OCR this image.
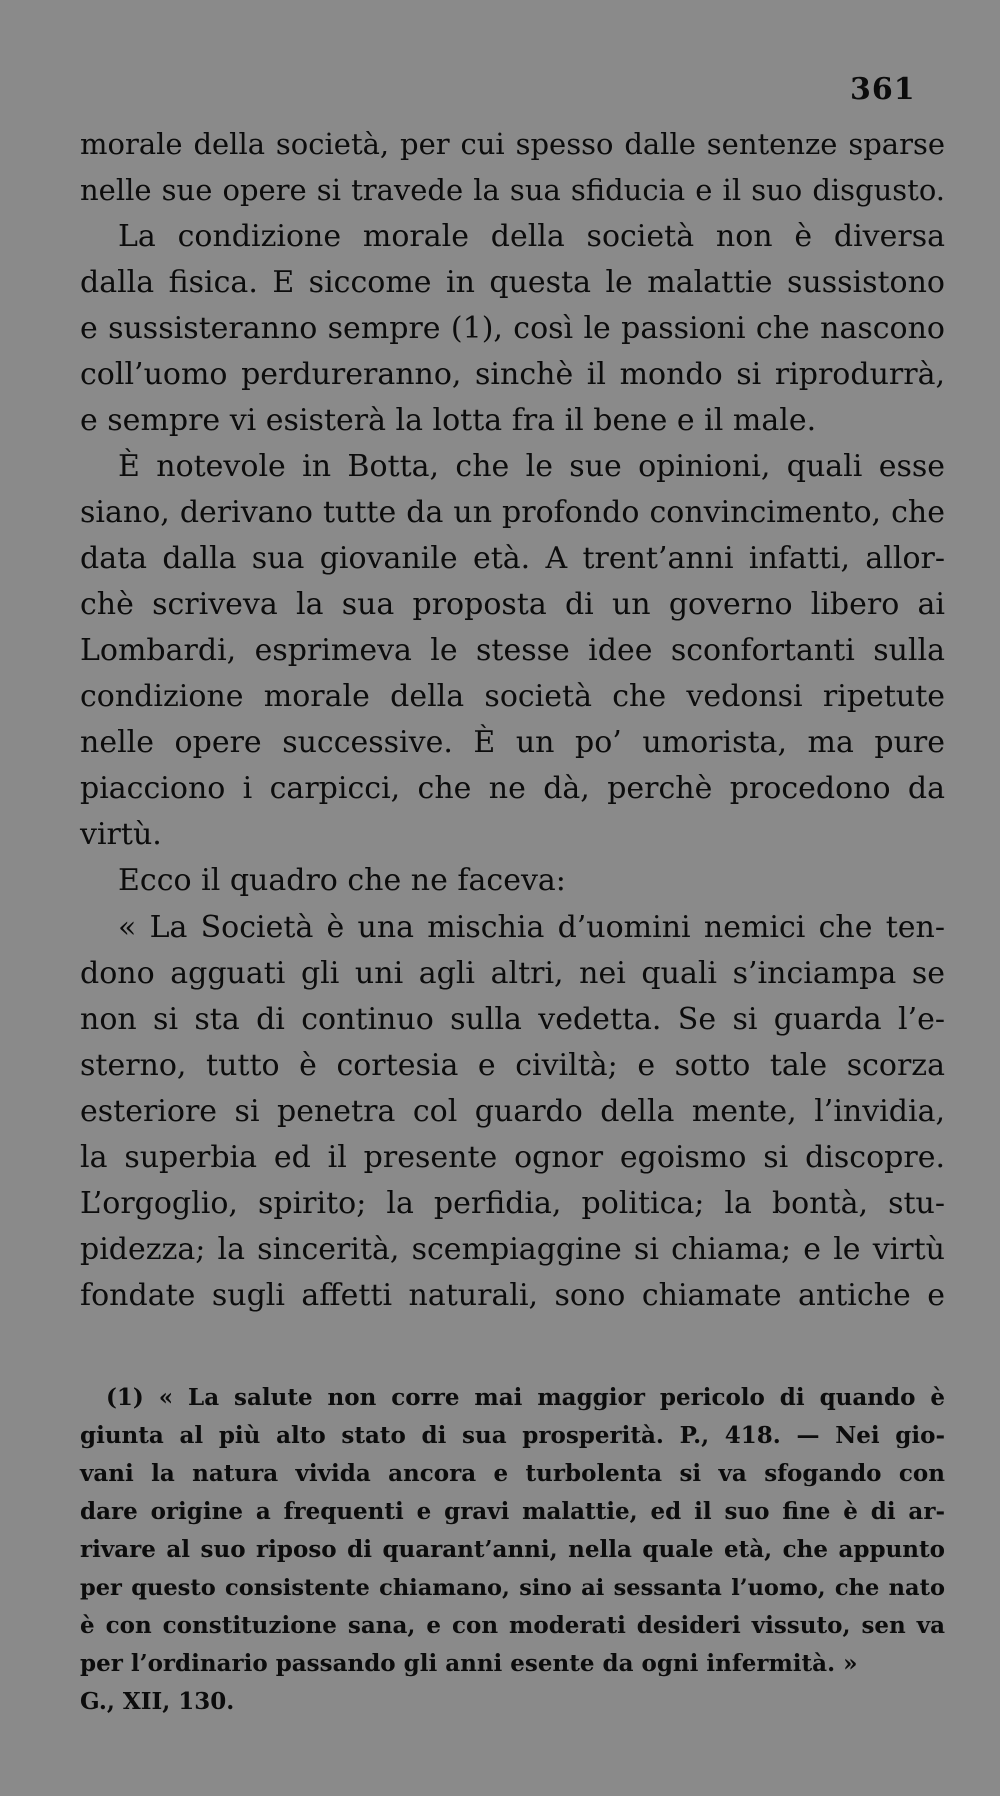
361
morale della società, per cui spesso dalle sentenze sparse
nelle sue opere si travede la sua sfiducia e il suo disgusto.
La condizione morale della società non è diversa
dalla fisica. E siccome in questa le malattie sussistono
e sussisteranno sempre (1), così le passioni che nascono
coll’uomo perdureranno, sinchè il mondo si riprodurrà,
e sempre vi esisterà la lotta fra il bene e il male.
È notevole in Botta, che le sue opinioni, quali esse
siano, derivano tutte da un profondo convincimento, che
data dalla sua giovanile età. A trent’anni infatti, allor-
chè scriveva la sua proposta di un governo libero ai
Lombardi, esprimeva le stesse idee sconfortanti sulla
condizione morale della società che vedonsi ripetute
nelle opere successive. È un po’ umorista, ma pure
piacciono i carpicci, che ne dà, perchè procedono da
virtù.
Ecco il quadro che ne faceva:
« La Società è una mischia d’uomini nemici che ten-
dono agguati gli uni agli altri, nei quali s’inciampa se
non si sta di continuo sulla vedetta. Se si guarda l’e-
sterno, tutto è cortesia e civiltà; e sotto tale scorza
esteriore si penetra col guardo della mente, l’invidia,
la superbia ed il presente ognor egoismo si discopre.
L’orgoglio, spirito; la perfidia, politica; la bontà, stu-
pidezza; la sincerità, scempiaggine si chiama; e le virtù
fondate sugli affetti naturali, sono chiamate antiche e
(1) « La salute non corre mai maggior pericolo di quando è
giunta al più alto stato di sua prosperità. P., 418. — Nei gio-
vani la natura vivida ancora e turbolenta si va sfogando con
dare origine a frequenti e gravi malattie, ed il suo fine è di ar-
rivare al suo riposo di quarant’anni, nella quale età, che appunto
per questo consistente chiamano, sino ai sessanta l’uomo, che nato
è con constituzione sana, e con moderati desideri vissuto, sen va
per l’ordinario passando gli anni esente da ogni infermità. »
G., XII, 130.
